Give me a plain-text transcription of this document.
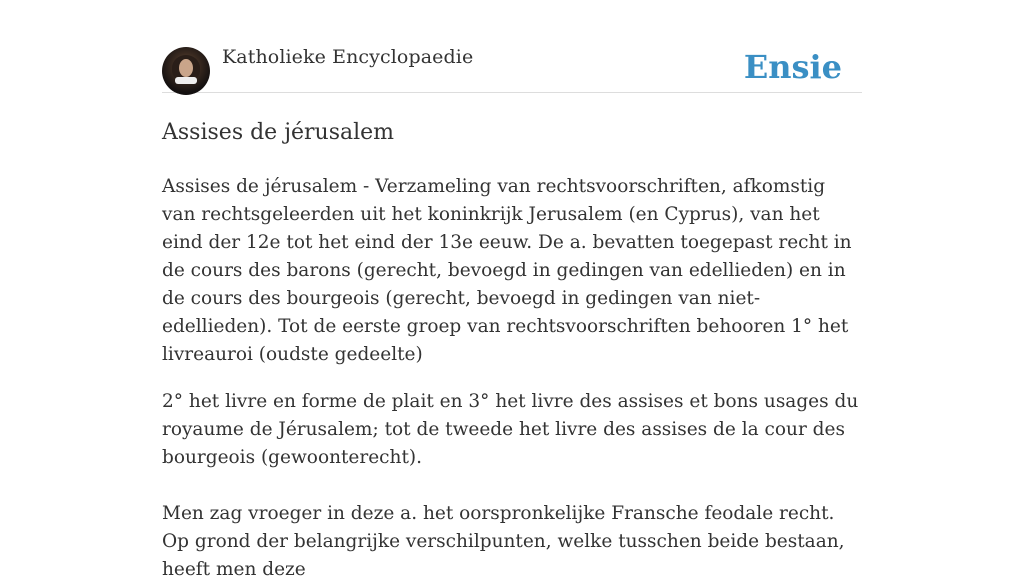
Katholieke Encyclopaedie	Ensie
Assises de jérusalem

Assises de jérusalem - Verzameling van rechtsvoorschriften, afkomstig van rechtsgeleerden uit het koninkrijk Jerusalem (en Cyprus), van het eind der 12e tot het eind der 13e eeuw. De a. bevatten toegepast recht in de cours des barons (gerecht, bevoegd in gedingen van edellieden) en in de cours des bourgeois (gerecht, bevoegd in gedingen van niet-edellieden). Tot de eerste groep van rechtsvoorschriften behooren 1° het livreauroi (oudste gedeelte)

2° het livre en forme de plait en 3° het livre des assises et bons usages du royaume de Jérusalem; tot de tweede het livre des assises de la cour des bourgeois (gewoonterecht).

Men zag vroeger in deze a. het oorspronkelijke Fransche feodale recht. Op grond der belangrijke verschilpunten, welke tusschen beide bestaan, heeft men deze
